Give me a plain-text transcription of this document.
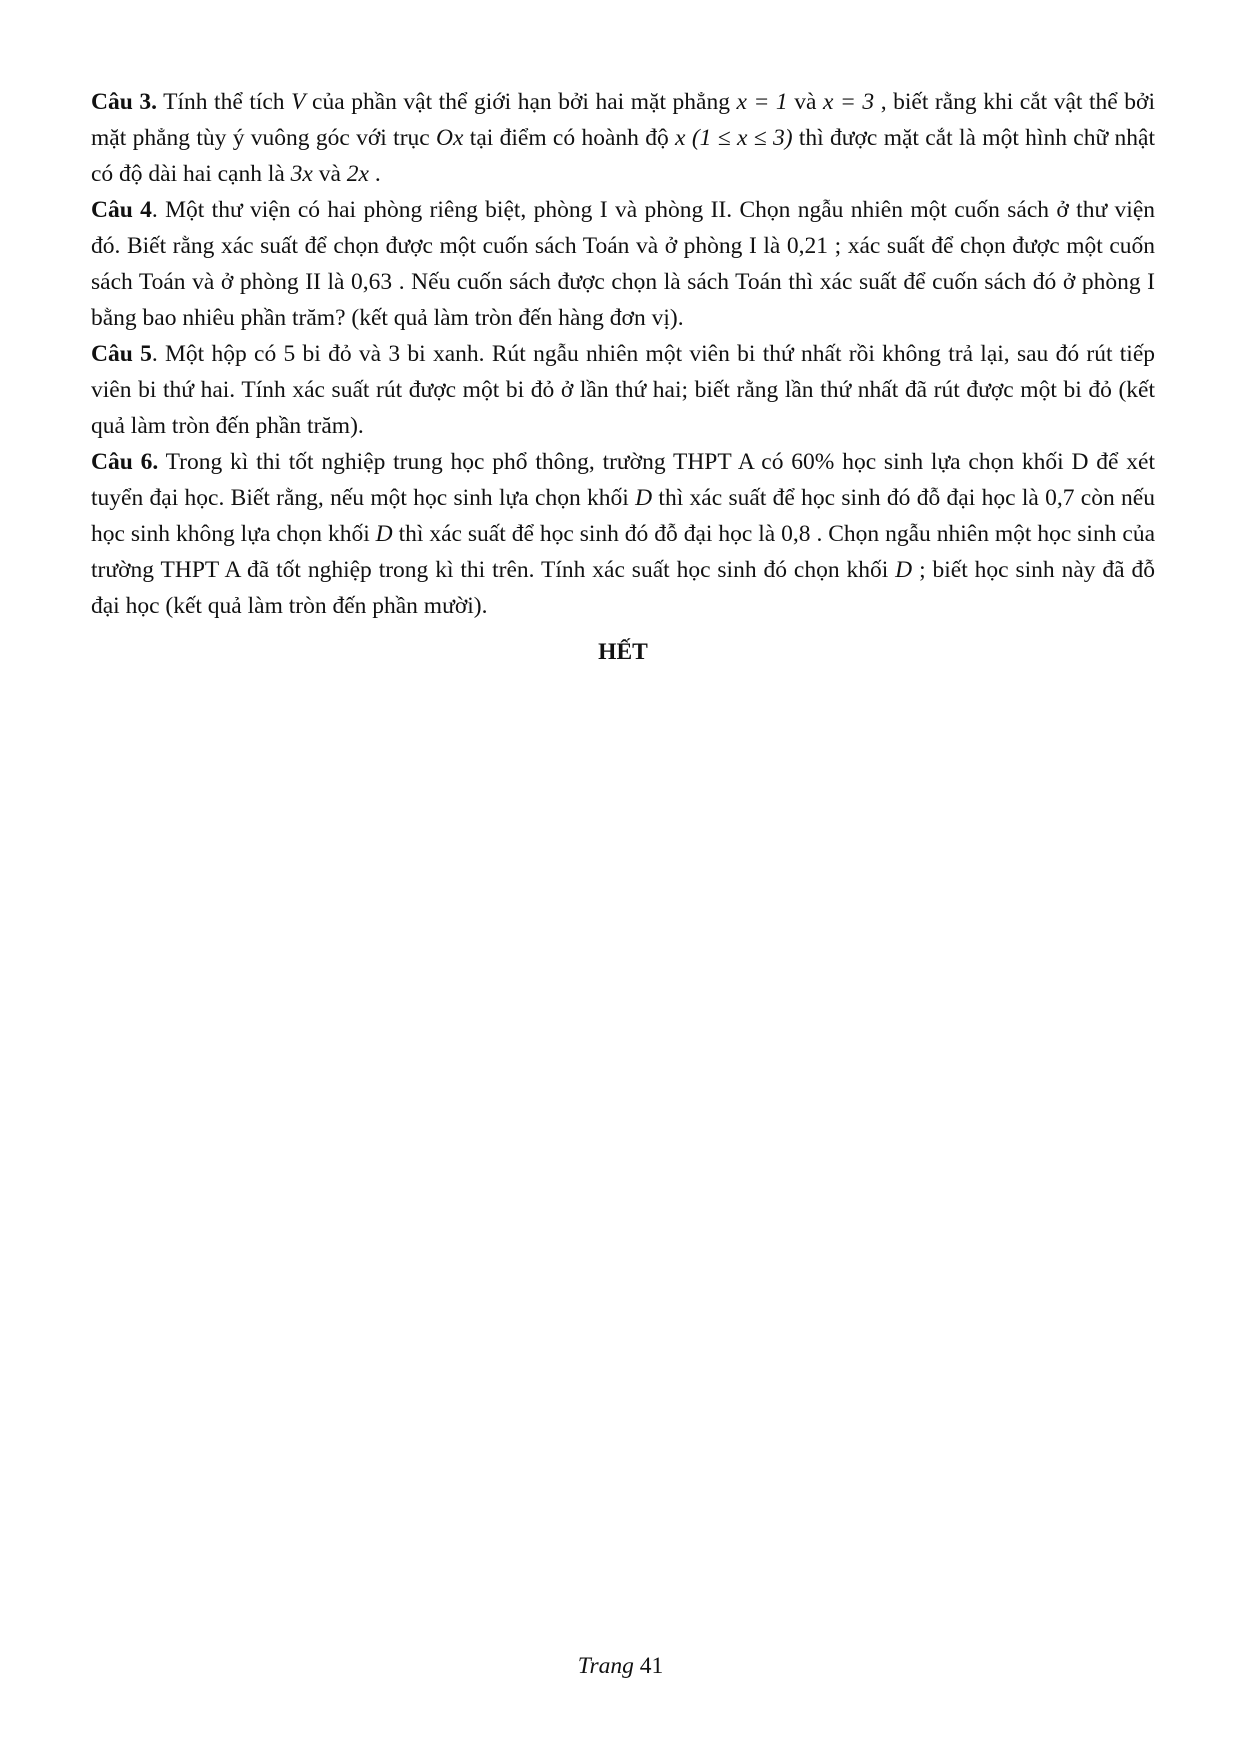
Câu 3. Tính thể tích V của phần vật thể giới hạn bởi hai mặt phẳng x = 1 và x = 3 , biết rằng khi cắt vật thể bởi mặt phẳng tùy ý vuông góc với trục Ox tại điểm có hoành độ x (1 ≤ x ≤ 3) thì được mặt cắt là một hình chữ nhật có độ dài hai cạnh là 3x và 2x .

Câu 4. Một thư viện có hai phòng riêng biệt, phòng I và phòng II. Chọn ngẫu nhiên một cuốn sách ở thư viện đó. Biết rằng xác suất để chọn được một cuốn sách Toán và ở phòng I là 0,21 ; xác suất để chọn được một cuốn sách Toán và ở phòng II là 0,63 . Nếu cuốn sách được chọn là sách Toán thì xác suất để cuốn sách đó ở phòng I bằng bao nhiêu phần trăm? (kết quả làm tròn đến hàng đơn vị).

Câu 5. Một hộp có 5 bi đỏ và 3 bi xanh. Rút ngẫu nhiên một viên bi thứ nhất rồi không trả lại, sau đó rút tiếp viên bi thứ hai. Tính xác suất rút được một bi đỏ ở lần thứ hai; biết rằng lần thứ nhất đã rút được một bi đỏ (kết quả làm tròn đến phần trăm).

Câu 6. Trong kì thi tốt nghiệp trung học phổ thông, trường THPT A có 60% học sinh lựa chọn khối D để xét tuyển đại học. Biết rằng, nếu một học sinh lựa chọn khối D thì xác suất để học sinh đó đỗ đại học là 0,7 còn nếu học sinh không lựa chọn khối D thì xác suất để học sinh đó đỗ đại học là 0,8 . Chọn ngẫu nhiên một học sinh của trường THPT A đã tốt nghiệp trong kì thi trên. Tính xác suất học sinh đó chọn khối D ; biết học sinh này đã đỗ đại học (kết quả làm tròn đến phần mười).

HẾT
Trang 41
